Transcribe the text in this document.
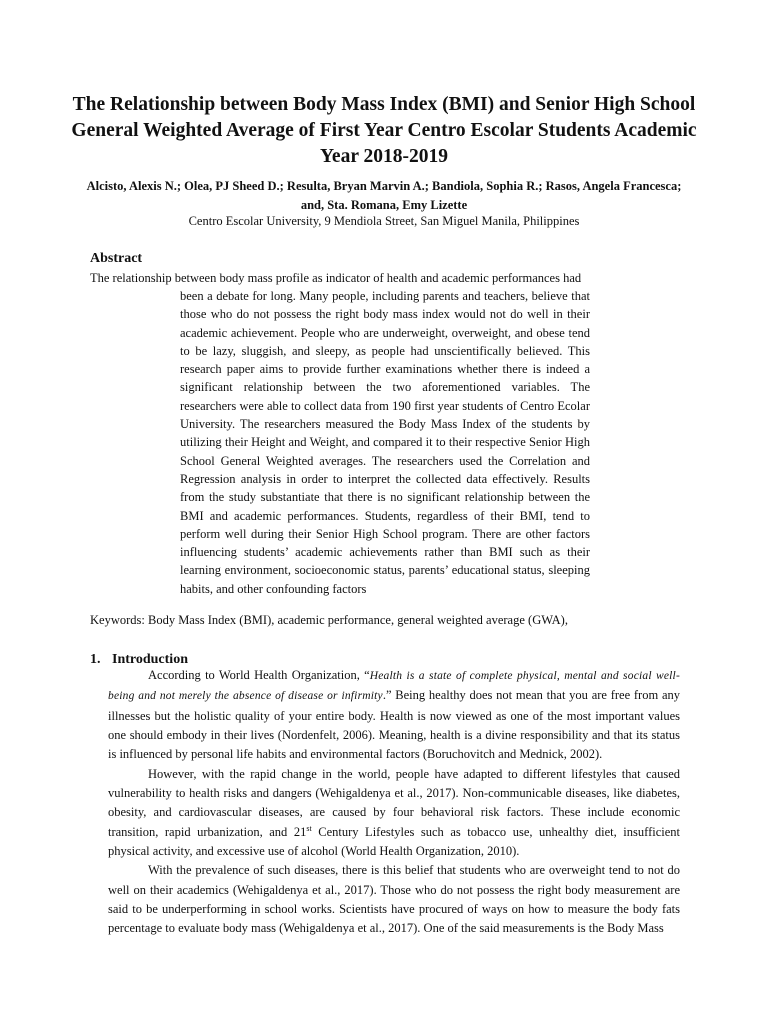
The Relationship between Body Mass Index (BMI) and Senior High School General Weighted Average of First Year Centro Escolar Students Academic Year 2018-2019
Alcisto, Alexis N.; Olea, PJ Sheed D.; Resulta, Bryan Marvin A.; Bandiola, Sophia R.; Rasos, Angela Francesca; and, Sta. Romana, Emy Lizette
Centro Escolar University, 9 Mendiola Street, San Miguel Manila, Philippines
Abstract
The relationship between body mass profile as indicator of health and academic performances had
been a debate for long. Many people, including parents and teachers, believe that those who do not possess the right body mass index would not do well in their academic achievement. People who are underweight, overweight, and obese tend to be lazy, sluggish, and sleepy, as people had unscientifically believed. This research paper aims to provide further examinations whether there is indeed a significant relationship between the two aforementioned variables. The researchers were able to collect data from 190 first year students of Centro Ecolar University. The researchers measured the Body Mass Index of the students by utilizing their Height and Weight, and compared it to their respective Senior High School General Weighted averages. The researchers used the Correlation and Regression analysis in order to interpret the collected data effectively. Results from the study substantiate that there is no significant relationship between the BMI and academic performances. Students, regardless of their BMI, tend to perform well during their Senior High School program. There are other factors influencing students’ academic achievements rather than BMI such as their learning environment, socioeconomic status, parents’ educational status, sleeping habits, and other confounding factors
Keywords: Body Mass Index (BMI), academic performance, general weighted average (GWA),
1. Introduction

According to World Health Organization, “Health is a state of complete physical, mental and social well-being and not merely the absence of disease or infirmity.” Being healthy does not mean that you are free from any illnesses but the holistic quality of your entire body. Health is now viewed as one of the most important values one should embody in their lives (Nordenfelt, 2006). Meaning, health is a divine responsibility and that its status is influenced by personal life habits and environmental factors (Boruchovitch and Mednick, 2002).

However, with the rapid change in the world, people have adapted to different lifestyles that caused vulnerability to health risks and dangers (Wehigaldenya et al., 2017). Non-communicable diseases, like diabetes, obesity, and cardiovascular diseases, are caused by four behavioral risk factors. These include economic transition, rapid urbanization, and 21st Century Lifestyles such as tobacco use, unhealthy diet, insufficient physical activity, and excessive use of alcohol (World Health Organization, 2010).

With the prevalence of such diseases, there is this belief that students who are overweight tend to not do well on their academics (Wehigaldenya et al., 2017). Those who do not possess the right body measurement are said to be underperforming in school works. Scientists have procured of ways on how to measure the body fats percentage to evaluate body mass (Wehigaldenya et al., 2017). One of the said measurements is the Body Mass
